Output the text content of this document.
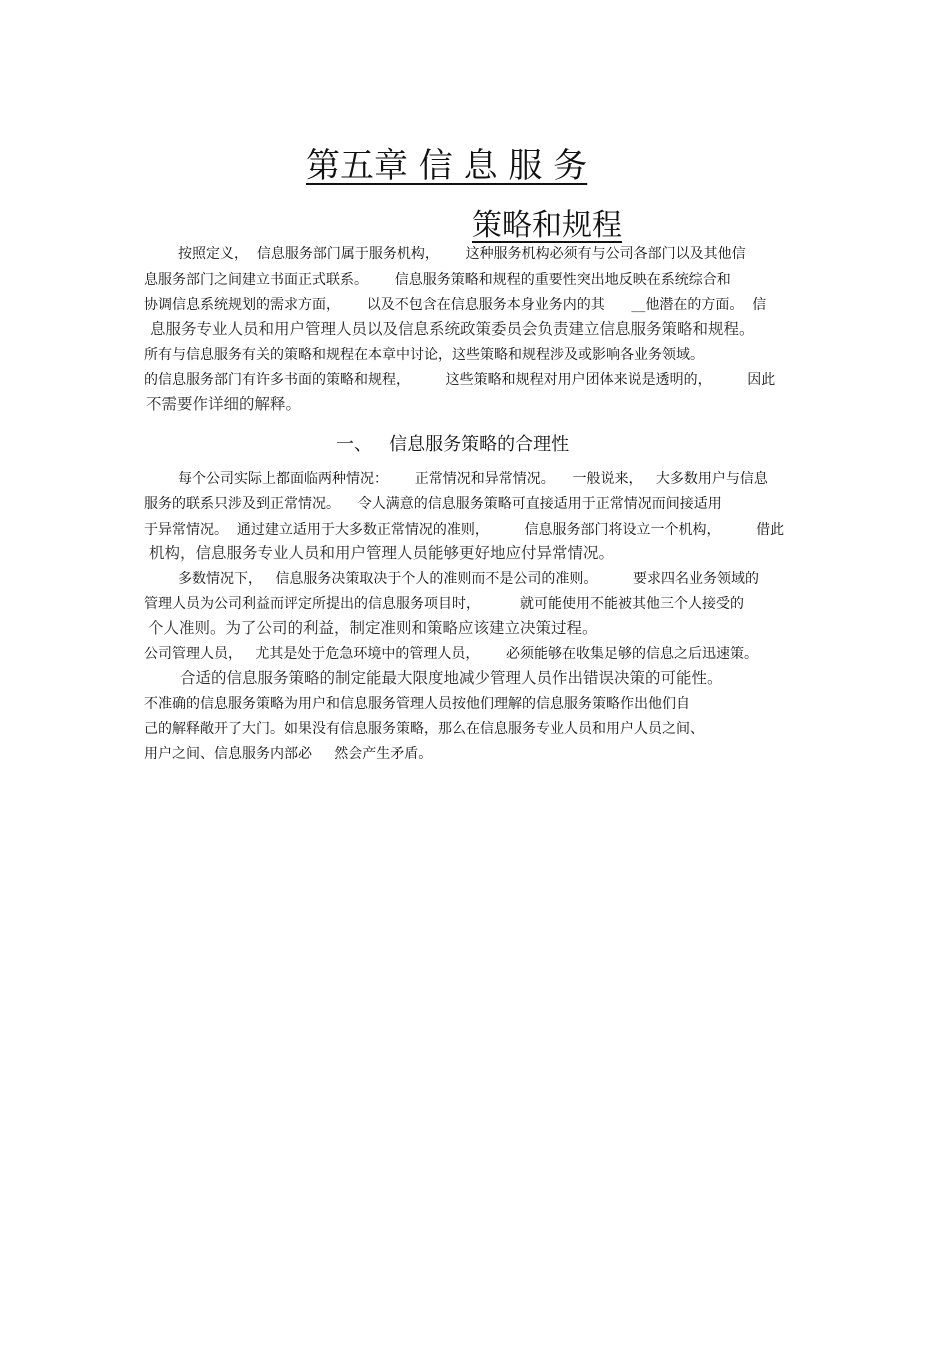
第五章 信 息 服 务
策略和规程
按照定义，  信息服务部门属于服务机构，      这种服务机构必须有与公司各部门以及其他信
息服务部门之间建立书面正式联系。      信息服务策略和规程的重要性突出地反映在系统综合和
协调信息系统规划的需求方面，      以及不包含在信息服务本身业务内的其      __他潜在的方面。  信
息服务专业人员和用户管理人员以及信息系统政策委员会负责建立信息服务策略和规程。
所有与信息服务有关的策略和规程在本章中讨论，这些策略和规程涉及或影响各业务领域。
的信息服务部门有许多书面的策略和规程，        这些策略和规程对用户团体来说是透明的，        因此
不需要作详细的解释。
一、   信息服务策略的合理性
每个公司实际上都面临两种情况：      正常情况和异常情况。    一般说来，   大多数用户与信息
服务的联系只涉及到正常情况。    令人满意的信息服务策略可直接适用于正常情况而间接适用
于异常情况。  通过建立适用于大多数正常情况的准则，        信息服务部门将设立一个机构，        借此
机构，信息服务专业人员和用户管理人员能够更好地应付异常情况。
多数情况下，   信息服务决策取决于个人的准则而不是公司的准则。        要求四名业务领域的
管理人员为公司利益而评定所提出的信息服务项目时，         就可能使用不能被其他三个人接受的
个人准则。为了公司的利益，制定准则和策略应该建立决策过程。
公司管理人员，   尤其是处于危急环境中的管理人员，      必须能够在收集足够的信息之后迅速策。
合适的信息服务策略的制定能最大限度地减少管理人员作出错误决策的可能性。
不准确的信息服务策略为用户和信息服务管理人员按他们理解的信息服务策略作出他们自
己的解释敞开了大门。如果没有信息服务策略，那么在信息服务专业人员和用户人员之间、
用户之间、信息服务内部必     然会产生矛盾。
